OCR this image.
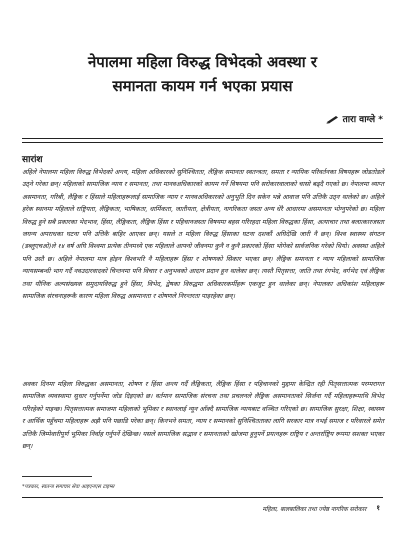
नेपालमा महिला विरुद्ध विभेदको अवस्था र
समानता कायम गर्न भएका प्रयास
तारा वाग्ले *
सारांश

अहिले नेपालमा महिला विरुद्ध विभेदको अन्त्य, महिला अधिकारको सुनिश्चितता, लैङ्गिक समानता स्वतन्त्रता, समता र न्यायिक परिवर्तनका विषयहरू जोडतोडले उठ्ने गरेका छन्। महिलाको सामाजिक न्याय र समानता, तथा मानवअधिकारको कायम गर्ने विषयमा पनि सरोकारवालाको चासो बढ्दै गएको छ। नेपालमा व्याप्त असमानता, गरिबी, लैङ्गिक र हिंसाले महिलाहरूलाई सामाजिक न्याय र मानवअधिकारको अनुभूति दिन सकेन भन्ने आवाज पनि उत्तिकै उठ्न थालेको छ। अहिले हरेक स्थानमा महिलाले राष्ट्रियता, लैङ्गिकता, भाषिकता, धार्मिकता, जातीयता, क्षेत्रीयता, नागरिकता जस्ता अन्य धेरै आधारमा असमानता भोग्नुपरेको छ। महिला विरुद्ध हुने सबै प्रकारका भेदभाव, हिंसा, लैङ्गिकता, लैङ्गिक हिंसा र पहिचानजस्ता विषयमा बहस गरिरहदा महिला विरुद्धका हिंसा, अत्याचार तथा बलात्कारजस्ता जघन्य अपराधका घटना पनि उत्तिकै बाहिर आएका छन्। यसले त महिला विरुद्ध हिंसाका घटना दशकौं अघिदेखि जारी नै छन्। विश्व स्वास्थ्य संगठन (डब्लुएचओ)ले १४ वर्ष अघि विश्वमा प्रत्येक तीनमध्ये एक महिलाले आफ्नो जीवनमा कुनै न कुनै प्रकारको हिंसा भोगेको सार्वजनिक गरेको थियो। अवस्था अहिले पनि उस्तै छ। अहिले नेपालमा मात्र होइन विश्वभरि नै महिलाहरू हिंसा र शोषणको सिकार भएका छन्। लैङ्गिक समानता र न्याय महिलाको सामाजिक न्यायसम्बन्धी भाग गर्दै नवउदारवादको चिन्तनमा पनि विचार र अनुभवको आदान प्रदान हुन थालेका छन्। त्यस्तै पितृसत्ता, जाति तथा रंगभेद, वर्गभेद एवं लैङ्गिक तथा यौनिक अल्पसंख्यक समुदायविरुद्ध हुने हिंसा, विभेद, द्वेषका विरुद्धमा अधिकारकर्मीहरू एकजुट हुन थालेका छन्। नेपालका अधिकांश महिलाहरू सामाजिक संरचनाहरूकै कारण महिला विरुद्ध असमानता र शोषणले निरन्तरता पाइरहेका छन्।

अवका दिनमा महिला विरुद्धका असमानता, शोषण र हिंसा अन्त्य गर्दै लैङ्गिकता, लैङ्गिक हिंसा र पहिचानको मुद्दामा केन्द्रित रही पितृसत्तात्मक परम्परागत सामाजिक व्यवस्थामा सुधार गर्नुपर्नेमा जोड दिइएको छ। वर्तमान सामाजिक संरचना तथा प्रचलनले लैङ्गिक असमानताको सिर्जना गर्दै महिलाहरूमाथि विभेद गरिरहेको पाइन्छ। पितृसत्तात्मक समाजमा महिलाको भूमिका र स्थानलाई न्यून आँक्दै सामाजिक न्यायबाट वञ्चित गरिएको छ। सामाजिक सुरक्षा, शिक्षा, स्वास्थ्य र आर्थिक पहुँचमा महिलाहरू अझै पनि पछाडि परेका छन्। किनभने समता, न्याय र सम्मानको सुनिश्चितताका लागि सरकार मात्र नभई समाज र परिवारले समेत उत्तिकै जिम्मेवारीपूर्ण भूमिका निर्वाह गर्नुपर्ने देखिन्छ। यसले सामाजिक सद्भाव र समानताको खोजमा हुनुपर्ने प्रयत्नहरू राष्ट्रिय र अन्तर्राष्ट्रिय रूपमा सशक्त भएका छन्।

*पत्रकार, स्वतन्त्र समाचार सेवा आइएनएस टाइम्स
महिला, बालबालिका तथा ज्येष्ठ नागरिक सरोकार १
